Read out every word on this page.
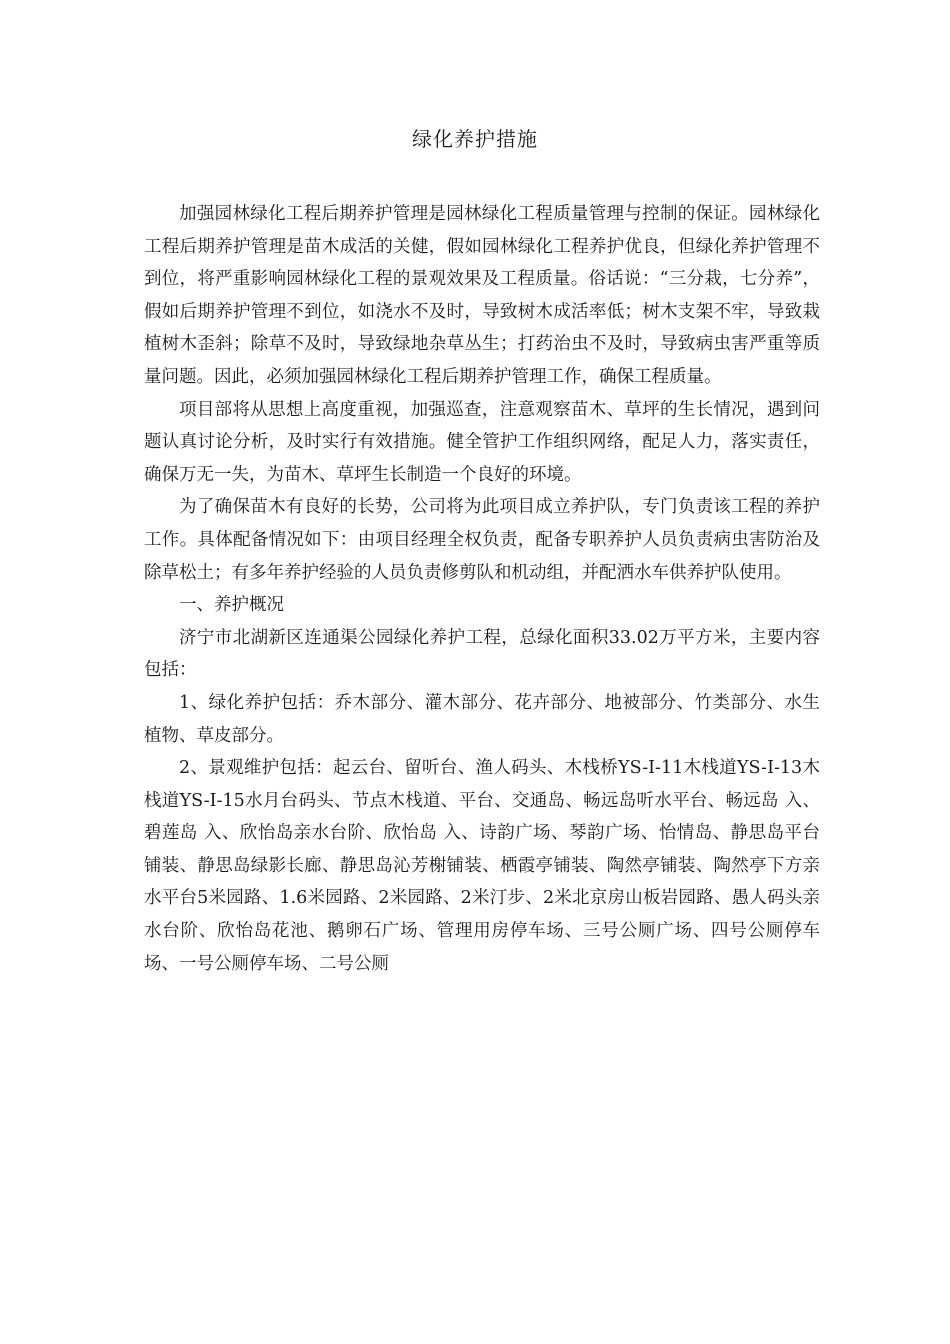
绿化养护措施

加强园林绿化工程后期养护管理是园林绿化工程质量管理与控制的保证。园林绿化工程后期养护管理是苗木成活的关健，假如园林绿化工程养护优良，但绿化养护管理不到位，将严重影响园林绿化工程的景观效果及工程质量。俗话说：“三分栽，七分养”，假如后期养护管理不到位，如浇水不及时，导致树木成活率低；树木支架不牢，导致栽植树木歪斜；除草不及时，导致绿地杂草丛生；打药治虫不及时，导致病虫害严重等质量问题。因此，必须加强园林绿化工程后期养护管理工作，确保工程质量。

项目部将从思想上高度重视，加强巡查，注意观察苗木、草坪的生长情况，遇到问题认真讨论分析，及时实行有效措施。健全管护工作组织网络，配足人力，落实责任，确保万无一失，为苗木、草坪生长制造一个良好的环境。

为了确保苗木有良好的长势，公司将为此项目成立养护队，专门负责该工程的养护工作。具体配备情况如下：由项目经理全权负责，配备专职养护人员负责病虫害防治及除草松土；有多年养护经验的人员负责修剪队和机动组，并配洒水车供养护队使用。

一、养护概况

济宁市北湖新区连通渠公园绿化养护工程，总绿化面积33.02万平方米，主要内容包括：

1、绿化养护包括：乔木部分、灌木部分、花卉部分、地被部分、竹类部分、水生植物、草皮部分。

2、景观维护包括：起云台、留听台、渔人码头、木栈桥YS-I-11木栈道YS-I-13木栈道YS-I-15水月台码头、节点木栈道、平台、交通岛、畅远岛听水平台、畅远岛 入、碧莲岛 入、欣怡岛亲水台阶、欣怡岛 入、诗韵广场、琴韵广场、怡情岛、静思岛平台铺装、静思岛绿影长廊、静思岛沁芳榭铺装、栖霞亭铺装、陶然亭铺装、陶然亭下方亲水平台5米园路、1.6米园路、2米园路、2米汀步、2米北京房山板岩园路、愚人码头亲水台阶、欣怡岛花池、鹅卵石广场、管理用房停车场、三号公厕广场、四号公厕停车场、一号公厕停车场、二号公厕
